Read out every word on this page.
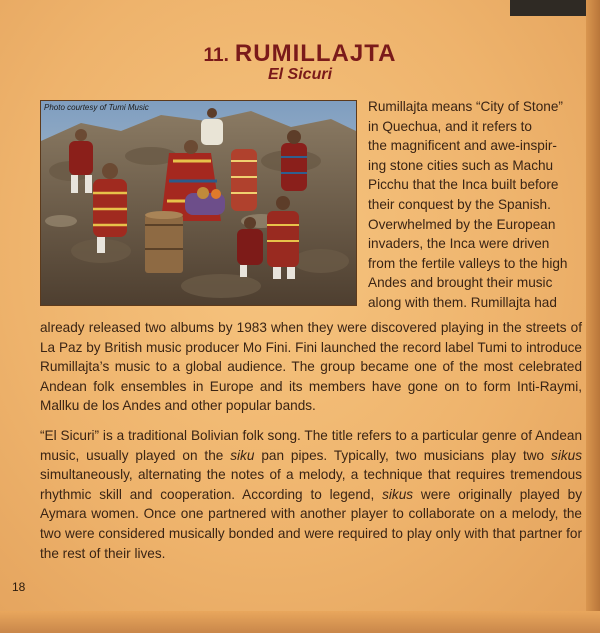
11. RUMILLAJTA
El Sicuri
Photo courtesy of Tumi Music	Rumillajta means “City of Stone”
in Quechua, and it refers to
the magnificent and awe-inspir-
ing stone cities such as Machu
Picchu that the Inca built before
their conquest by the Spanish.
Overwhelmed by the European
invaders, the Inca were driven
from the fertile valleys to the high
Andes and brought their music
along with them. Rumillajta had
already released two albums by 1983 when they were discovered playing in the streets of La Paz by British music producer Mo Fini. Fini launched the record label Tumi to introduce Rumillajta’s music to a global audience. The group became one of the most celebrated Andean folk ensembles in Europe and its members have gone on to form Inti-Raymi, Mallku de los Andes and other popular bands.
“El Sicuri” is a traditional Bolivian folk song. The title refers to a particular genre of Andean music, usually played on the siku pan pipes. Typically, two musicians play two sikus simultaneously, alternating the notes of a melody, a technique that requires tremendous rhythmic skill and cooperation. According to legend, sikus were originally played by Aymara women. Once one partnered with another player to collaborate on a melody, the two were considered musically bonded and were required to play only with that partner for the rest of their lives.
18
